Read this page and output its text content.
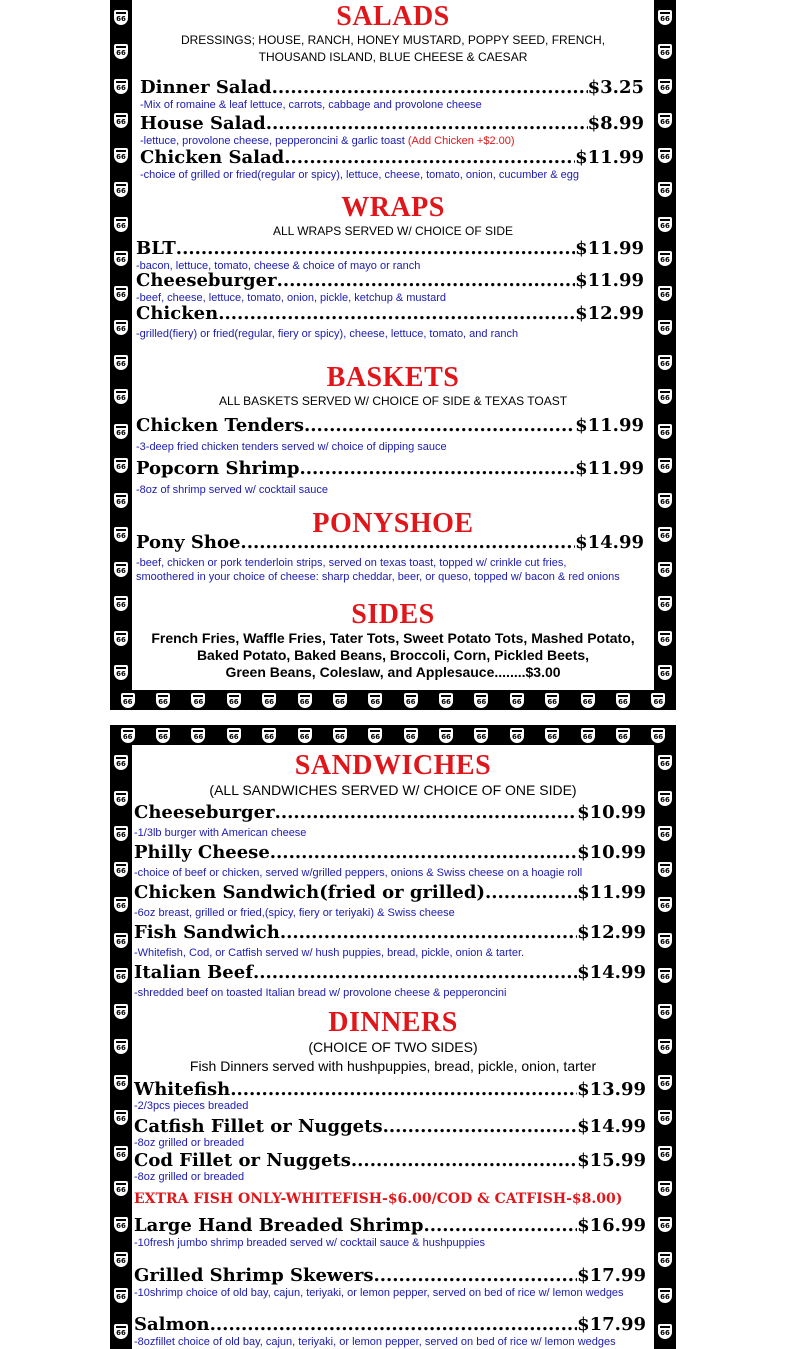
66
66
66
66
66
66
66
66
66
66
66
66
66
66
66
66
66
66
66
66
66
66
66
66
66
66
66
66
66
66
66
66
66
66
66
66
66
66
66
66
66	66	66	66	66	66	66	66	66	66	66	66	66	66	66	66
SALADS
DRESSINGS; HOUSE, RANCH, HONEY MUSTARD, POPPY SEED, FRENCH,
THOUSAND ISLAND, BLUE CHEESE & CAESAR
Dinner Salad .....	$3.25
-Mix of romaine & leaf lettuce, carrots, cabbage and provolone cheese
House Salad .....	$8.99
-lettuce, provolone cheese, pepperoncini & garlic toast (Add Chicken +$2.00)
Chicken Salad .....	$11.99
-choice of grilled or fried(regular or spicy), lettuce, cheese, tomato, onion, cucumber & egg
WRAPS
ALL WRAPS SERVED W/ CHOICE OF SIDE
BLT .....	$11.99
-bacon, lettuce, tomato, cheese & choice of mayo or ranch
Cheeseburger .....	$11.99
-beef, cheese, lettuce, tomato, onion, pickle, ketchup & mustard
Chicken .....	$12.99
-grilled(fiery) or fried(regular, fiery or spicy), cheese, lettuce, tomato, and ranch
BASKETS
ALL BASKETS SERVED W/ CHOICE OF SIDE & TEXAS TOAST
Chicken Tenders .....	$11.99
-3-deep fried chicken tenders served w/ choice of dipping sauce
Popcorn Shrimp .....	$11.99
-8oz of shrimp served w/ cocktail sauce
PONYSHOE
Pony Shoe .....	$14.99
-beef, chicken or pork tenderloin strips, served on texas toast, topped w/ crinkle cut fries,
smoothered in your choice of cheese: sharp cheddar, beer, or queso, topped w/ bacon & red onions
SIDES
French Fries, Waffle Fries, Tater Tots, Sweet Potato Tots, Mashed Potato,
Baked Potato, Baked Beans, Broccoli, Corn, Pickled Beets,
Green Beans, Coleslaw, and Applesauce........$3.00
66	66	66	66	66	66	66	66	66	66	66	66	66	66	66	66
66
66
66
66
66
66
66
66
66
66
66
66
66
66
66
66
66
66
66
66
66
66
66
66
66
66
66
66
66
66
66
66
66
66
SANDWICHES
(ALL SANDWICHES SERVED W/ CHOICE OF ONE SIDE)
Cheeseburger .....	$10.99
-1/3lb burger with American cheese
Philly Cheese .....	$10.99
-choice of beef or chicken, served w/grilled peppers, onions & Swiss cheese on a hoagie roll
Chicken Sandwich(fried or grilled) .....	$11.99
-6oz breast, grilled or fried,(spicy, fiery or teriyaki) & Swiss cheese
Fish Sandwich .....	$12.99
-Whitefish, Cod, or Catfish served w/ hush puppies, bread, pickle, onion & tarter.
Italian Beef .....	$14.99
-shredded beef on toasted Italian bread w/ provolone cheese & pepperoncini
DINNERS
(CHOICE OF TWO SIDES)
Fish Dinners served with hushpuppies, bread, pickle, onion, tarter
Whitefish .....	$13.99
-2/3pcs pieces breaded
Catfish Fillet or Nuggets .....	$14.99
-8oz grilled or breaded
Cod Fillet or Nuggets .....	$15.99
-8oz grilled or breaded
EXTRA FISH ONLY-WHITEFISH-$6.00/COD & CATFISH-$8.00)
Large Hand Breaded Shrimp .....	$16.99
-10fresh jumbo shrimp breaded served w/ cocktail sauce & hushpuppies
Grilled Shrimp Skewers .....	$17.99
-10shrimp choice of old bay, cajun, teriyaki, or lemon pepper, served on bed of rice w/ lemon wedges
Salmon .....	$17.99
-8ozfillet choice of old bay, cajun, teriyaki, or lemon pepper, served on bed of rice w/ lemon wedges
